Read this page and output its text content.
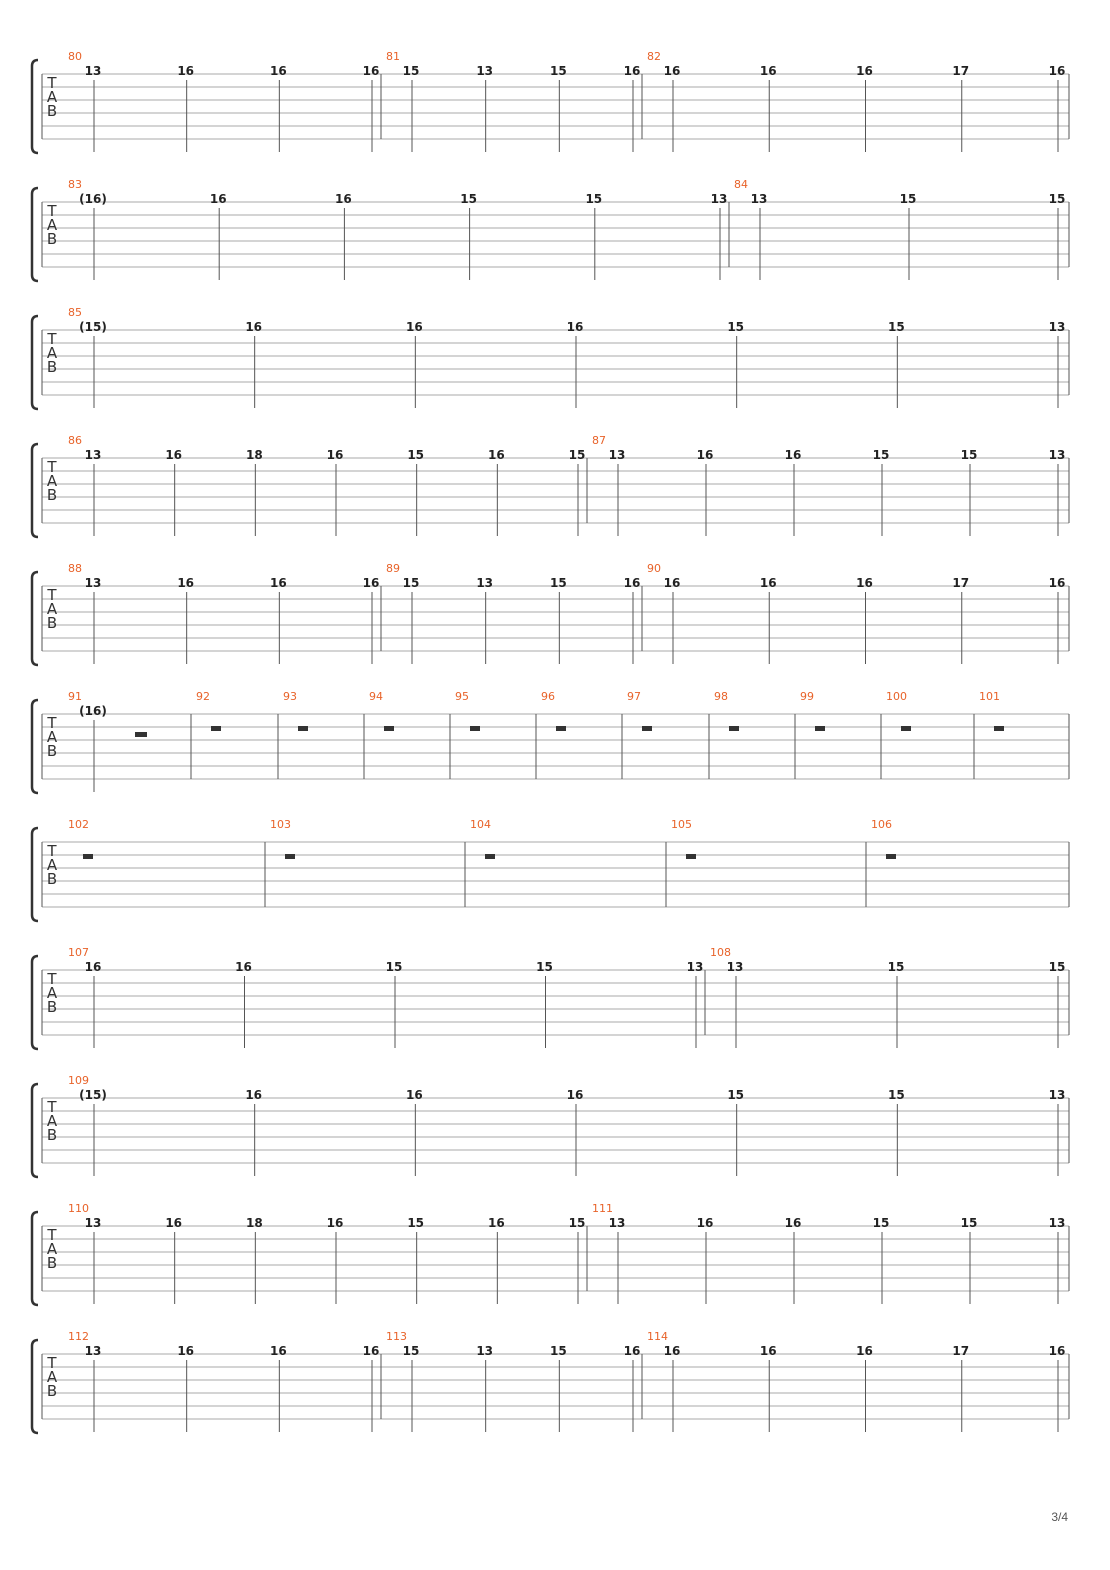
T
A
B
80
13	16	16	16
81
15	13	15	16
82
16	16	16	17	16
T
A
B
83
(16)	16	16	15	15	13
84
13	15	15
T
A
B
85
(15)	16	16	16	15	15	13
T
A
B
86
13	16	18	16	15	16	15
87
13	16	16	15	15	13
T
A
B
88
13	16	16	16
89
15	13	15	16
90
16	16	16	17	16
T
A
B
91
(16)
92	93	94	95	96	97	98	99	100	101
T
A
B
102	103	104	105	106
T
A
B
107
16	16	15	15	13
108
13	15	15
T
A
B
109
(15)	16	16	16	15	15	13
T
A
B
110
13	16	18	16	15	16	15
111
13	16	16	15	15	13
T
A
B
112
13	16	16	16
113
15	13	15	16
114
16	16	16	17	16
3/4
